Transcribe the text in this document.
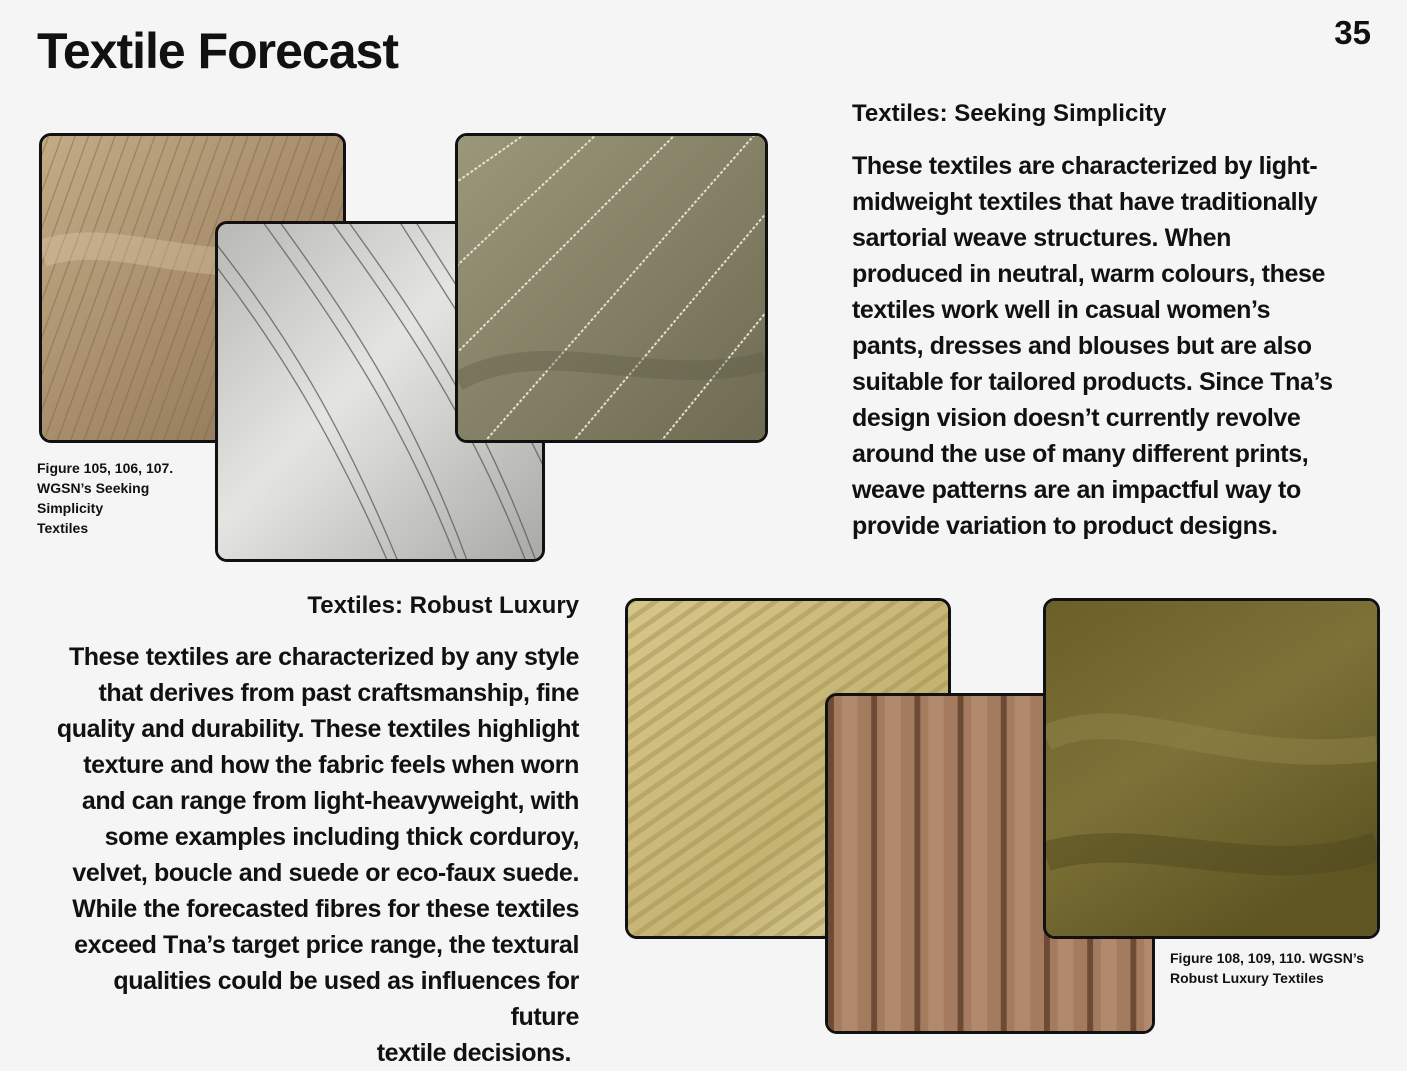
Textile Forecast	35
Figure 105, 106, 107.
WGSN’s Seeking Simplicity
Textiles
Textiles: Seeking Simplicity
These textiles are characterized by light-
midweight textiles that have traditionally
sartorial weave structures. When
produced in neutral, warm colours, these
textiles work well in casual women’s
pants, dresses and blouses but are also
suitable for tailored products. Since Tna’s
design vision doesn’t currently revolve
around the use of many different prints,
weave patterns are an impactful way to
provide variation to product designs.
Textiles: Robust Luxury
These textiles are characterized by any style
that derives from past craftsmanship, fine
quality and durability. These textiles highlight
texture and how the fabric feels when worn
and can range from light-heavyweight, with
some examples including thick corduroy,
velvet, boucle and suede or eco-faux suede.
While the forecasted fibres for these textiles
exceed Tna’s target price range, the textural
qualities could be used as influences for future
textile decisions.
Figure 108, 109, 110. WGSN’s
Robust Luxury Textiles
